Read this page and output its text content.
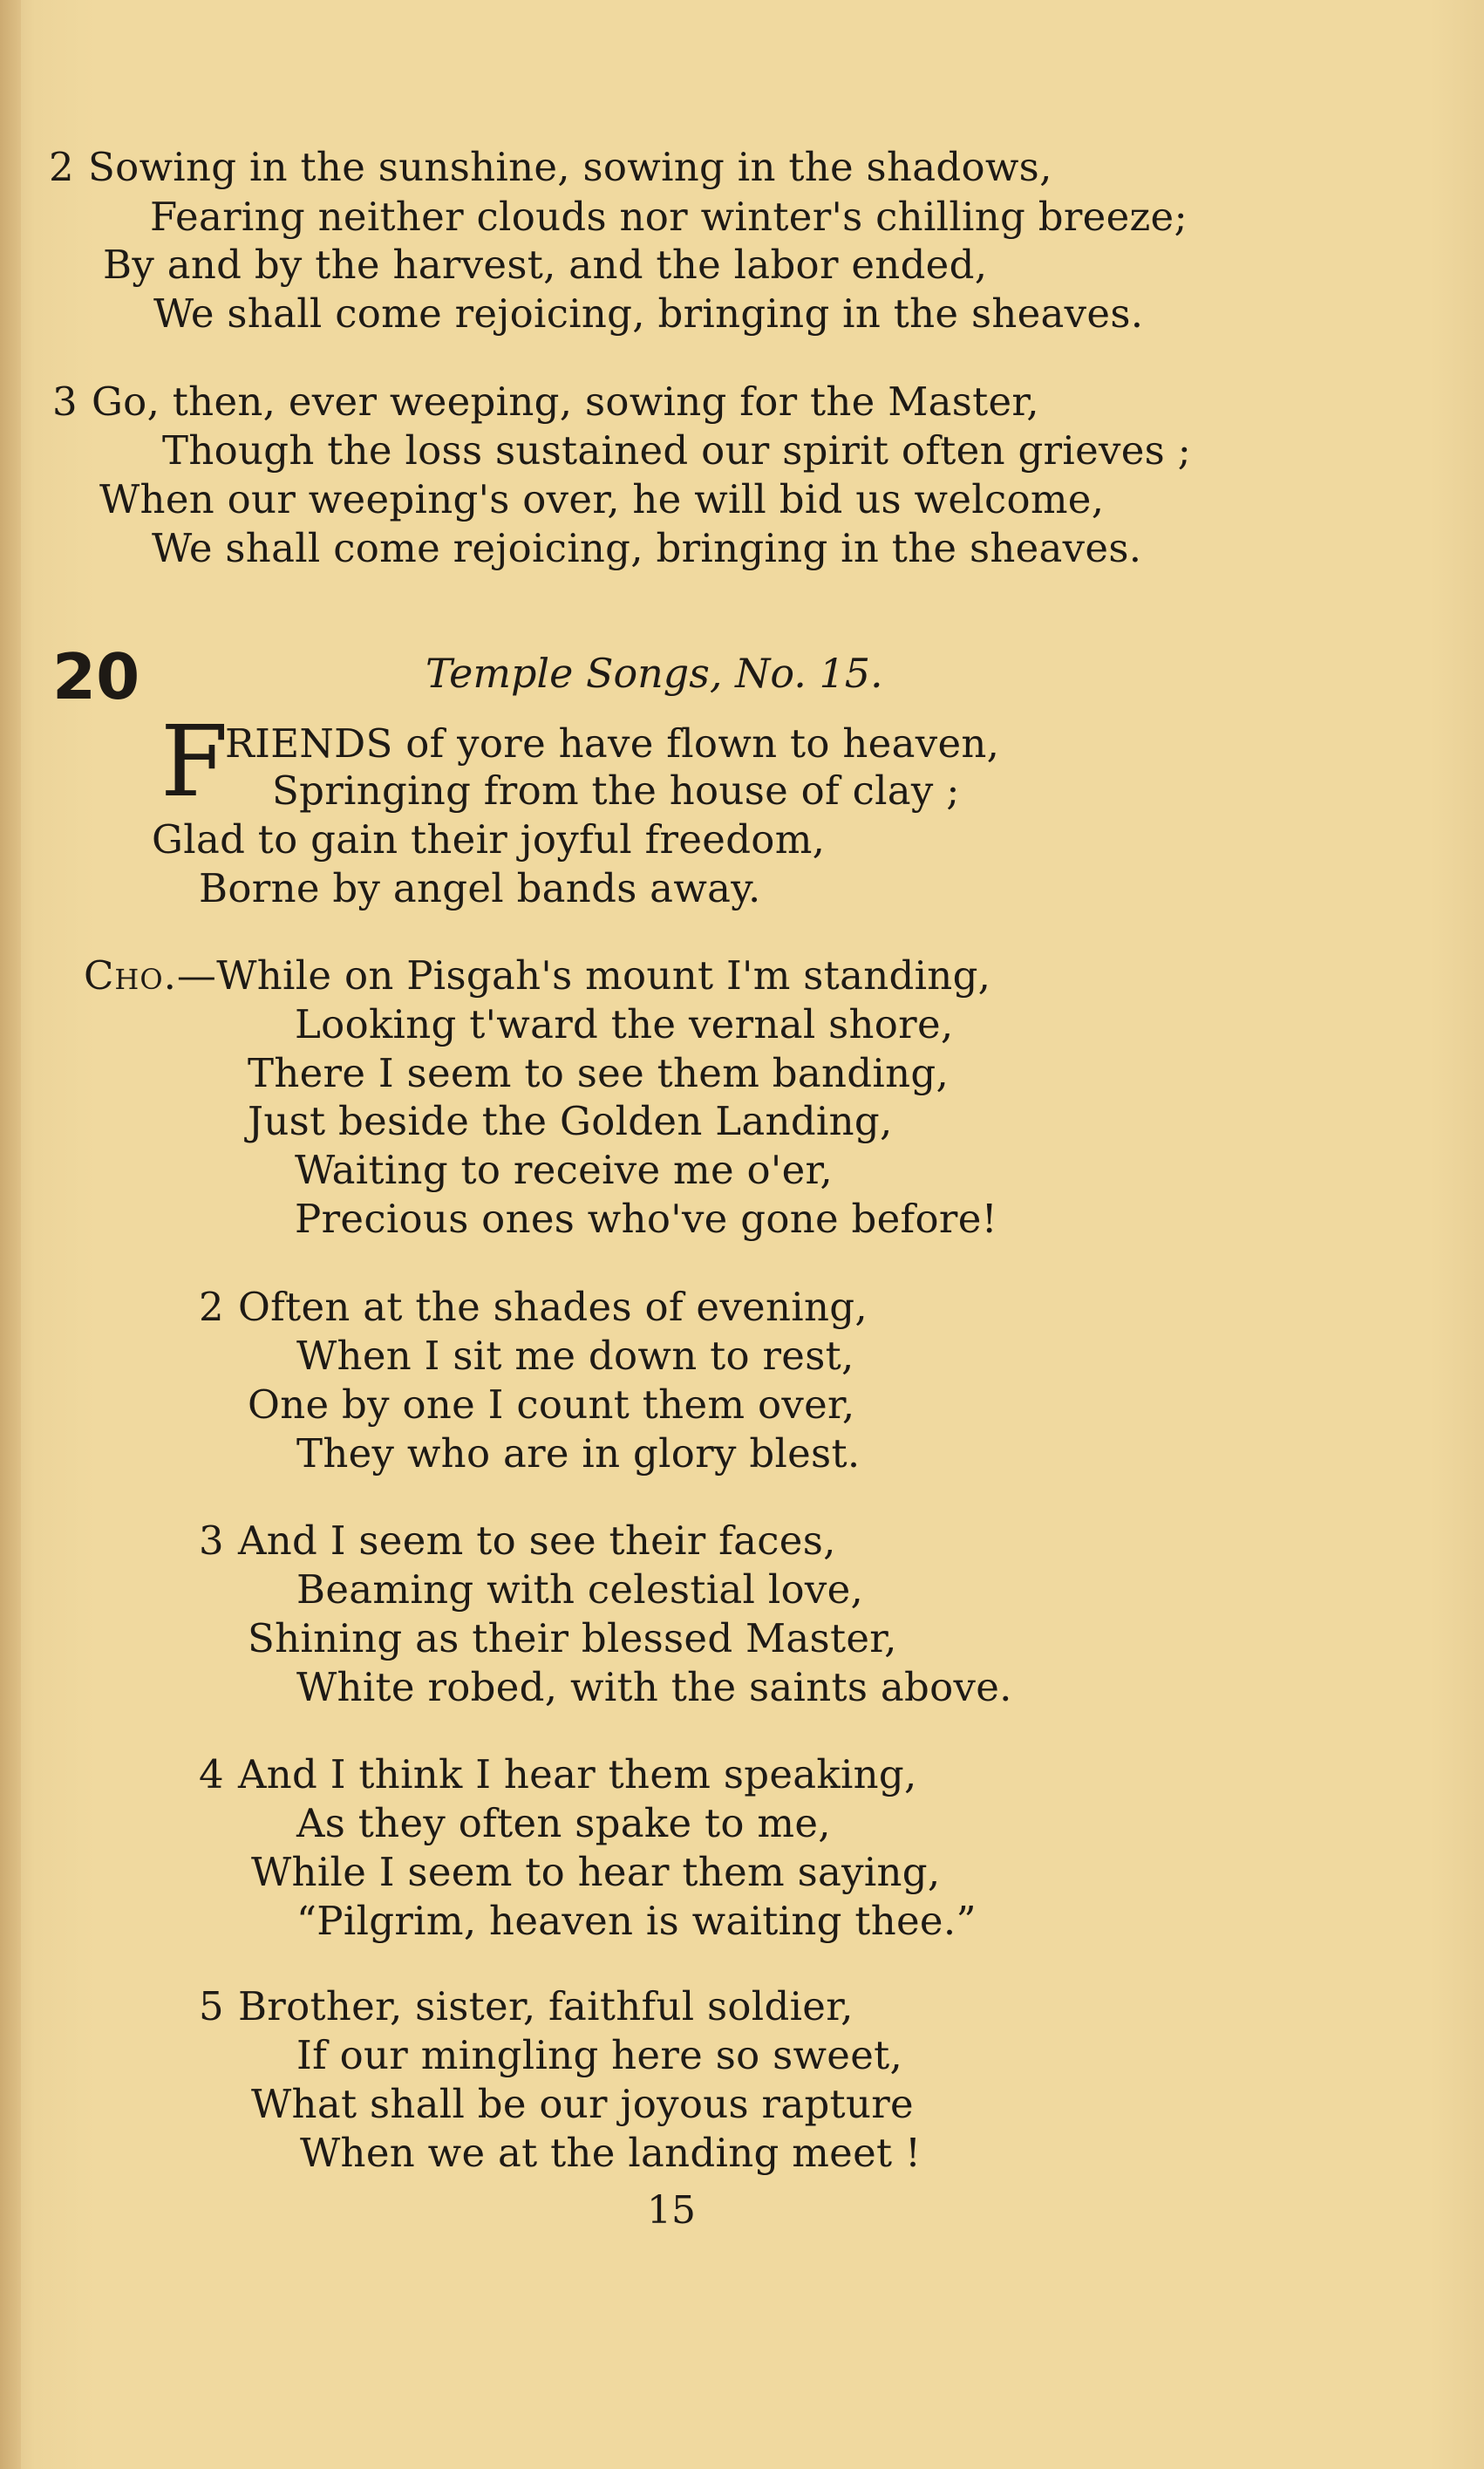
2 Sowing in the sunshine, sowing in the shadows,
Fearing neither clouds nor winter's chilling breeze;
By and by the harvest, and the labor ended,
We shall come rejoicing, bringing in the sheaves.
3 Go, then, ever weeping, sowing for the Master,
Though the loss sustained our spirit often grieves ;
When our weeping's over, he will bid us welcome,
We shall come rejoicing, bringing in the sheaves.
20	Temple Songs, No. 15.
F
RIENDS of yore have flown to heaven,
Springing from the house of clay ;
Glad to gain their joyful freedom,
Borne by angel bands away.
Cho.—While on Pisgah's mount I'm standing,
Looking t'ward the vernal shore,
There I seem to see them banding,
Just beside the Golden Landing,
Waiting to receive me o'er,
Precious ones who've gone before!
2 Often at the shades of evening,
When I sit me down to rest,
One by one I count them over,
They who are in glory blest.
3 And I seem to see their faces,
Beaming with celestial love,
Shining as their blessed Master,
White robed, with the saints above.
4 And I think I hear them speaking,
As they often spake to me,
While I seem to hear them saying,
“Pilgrim, heaven is waiting thee.”
5 Brother, sister, faithful soldier,
If our mingling here so sweet,
What shall be our joyous rapture
When we at the landing meet !
15
